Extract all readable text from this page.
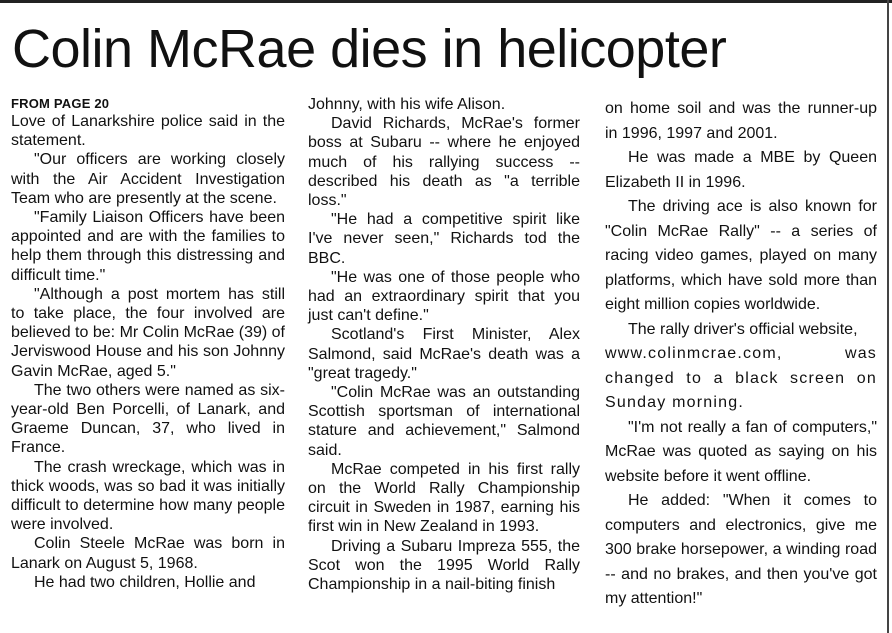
Colin McRae dies in helicopter

FROM PAGE 20

Love of Lanarkshire police said in the statement.

"Our officers are working closely with the Air Accident Investigation Team who are presently at the scene.

"Family Liaison Officers have been appointed and are with the families to help them through this distressing and difficult time."

"Although a post mortem has still to take place, the four involved are believed to be: Mr Colin McRae (39) of Jerviswood House and his son Johnny Gavin McRae, aged 5."

The two others were named as six-year-old Ben Porcelli, of Lanark, and Graeme Duncan, 37, who lived in France.

The crash wreckage, which was in thick woods, was so bad it was initially difficult to determine how many people were involved.

Colin Steele McRae was born in Lanark on August 5, 1968.

He had two children, Hollie and

Johnny, with his wife Alison.

David Richards, McRae's former boss at Subaru -- where he enjoyed much of his rallying success -- described his death as "a terrible loss."

"He had a competitive spirit like I've never seen," Richards tod the BBC.

"He was one of those people who had an extraordinary spirit that you just can't define."

Scotland's First Minister, Alex Salmond, said McRae's death was a "great tragedy."

"Colin McRae was an outstanding Scottish sportsman of international stature and achievement," Salmond said.

McRae competed in his first rally on the World Rally Championship circuit in Sweden in 1987, earning his first win in New Zealand in 1993.

Driving a Subaru Impreza 555, the Scot won the 1995 World Rally Championship in a nail-biting finish

on home soil and was the runner-up in 1996, 1997 and 2001.

He was made a MBE by Queen Elizabeth II in 1996.

The driving ace is also known for "Colin McRae Rally" -- a series of racing video games, played on many platforms, which have sold more than eight million copies worldwide.

The rally driver's official website,

www.colinmcrae.com, was changed to a black screen on Sunday morning.

"I'm not really a fan of computers," McRae was quoted as saying on his website before it went offline.

He added: "When it comes to computers and electronics, give me 300 brake horsepower, a winding road -- and no brakes, and then you've got my attention!"
